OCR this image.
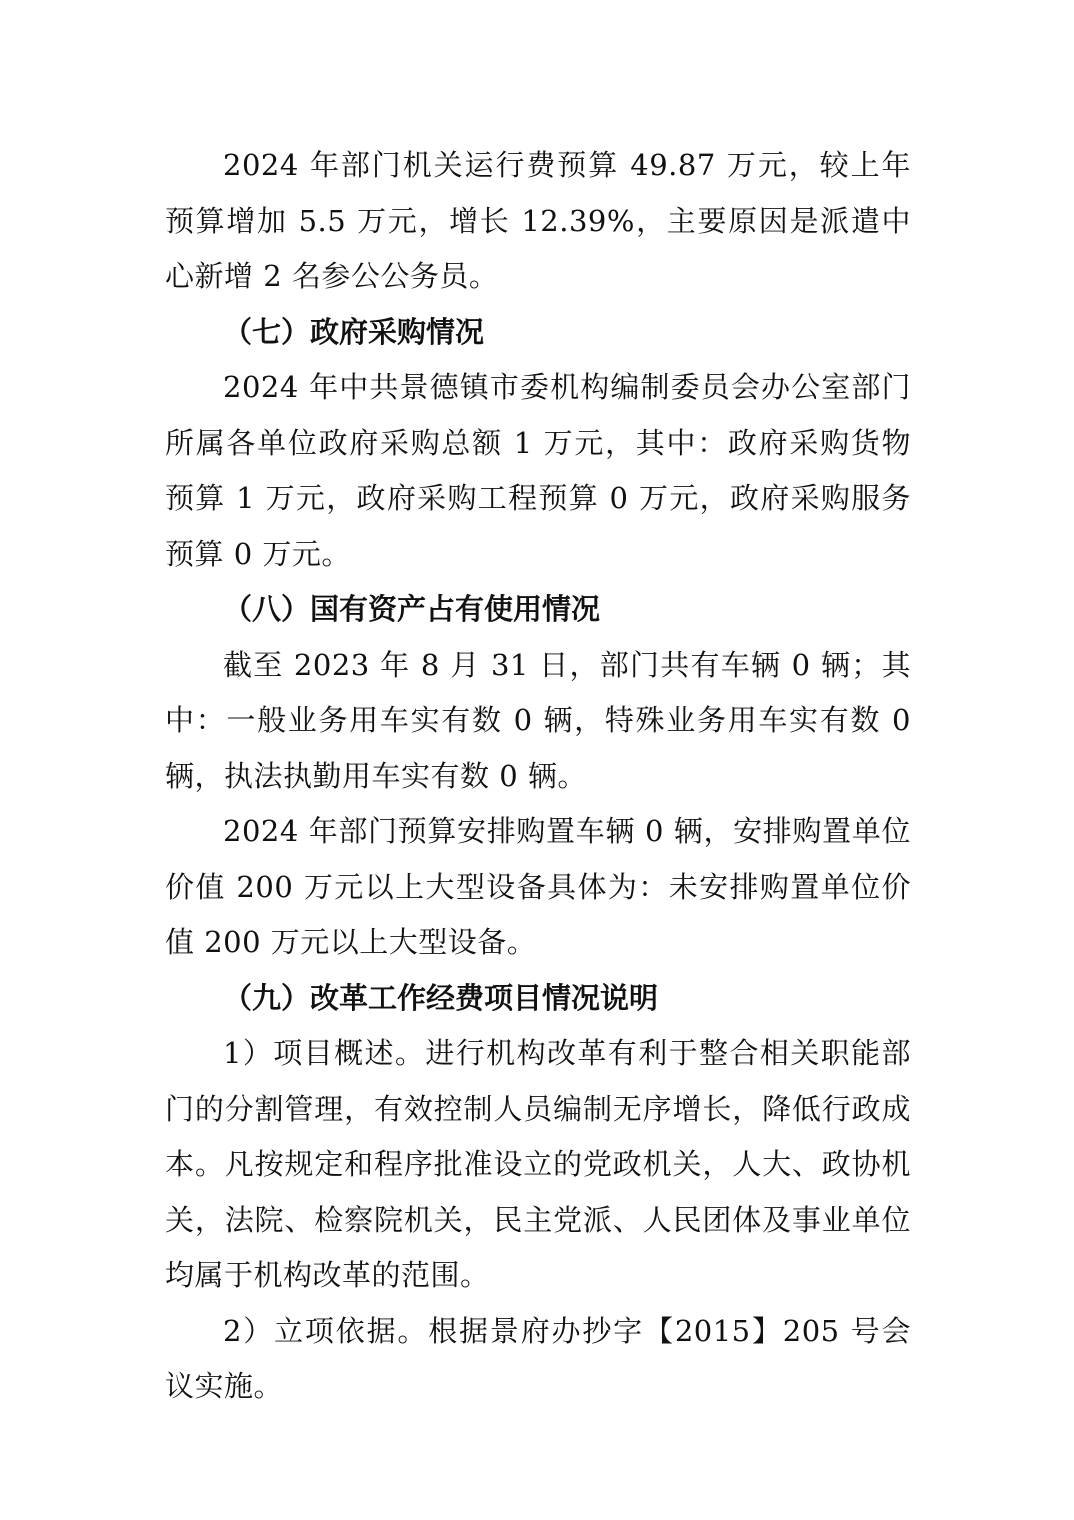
2024 年部门机关运行费预算 49.87 万元，较上年预算增加 5.5 万元，增长 12.39%，主要原因是派遣中心新增 2 名参公公务员。

（七）政府采购情况

2024 年中共景德镇市委机构编制委员会办公室部门所属各单位政府采购总额 1 万元，其中：政府采购货物预算 1 万元，政府采购工程预算 0 万元，政府采购服务预算 0 万元。

（八）国有资产占有使用情况

截至 2023 年 8 月 31 日，部门共有车辆 0 辆；其中：一般业务用车实有数 0 辆，特殊业务用车实有数 0 辆，执法执勤用车实有数 0 辆。

2024 年部门预算安排购置车辆 0 辆，安排购置单位价值 200 万元以上大型设备具体为：未安排购置单位价值 200 万元以上大型设备。

（九）改革工作经费项目情况说明

1）项目概述。进行机构改革有利于整合相关职能部门的分割管理，有效控制人员编制无序增长，降低行政成本。凡按规定和程序批准设立的党政机关，人大、政协机关，法院、检察院机关，民主党派、人民团体及事业单位均属于机构改革的范围。

2）立项依据。根据景府办抄字【2015】205 号会议实施。
